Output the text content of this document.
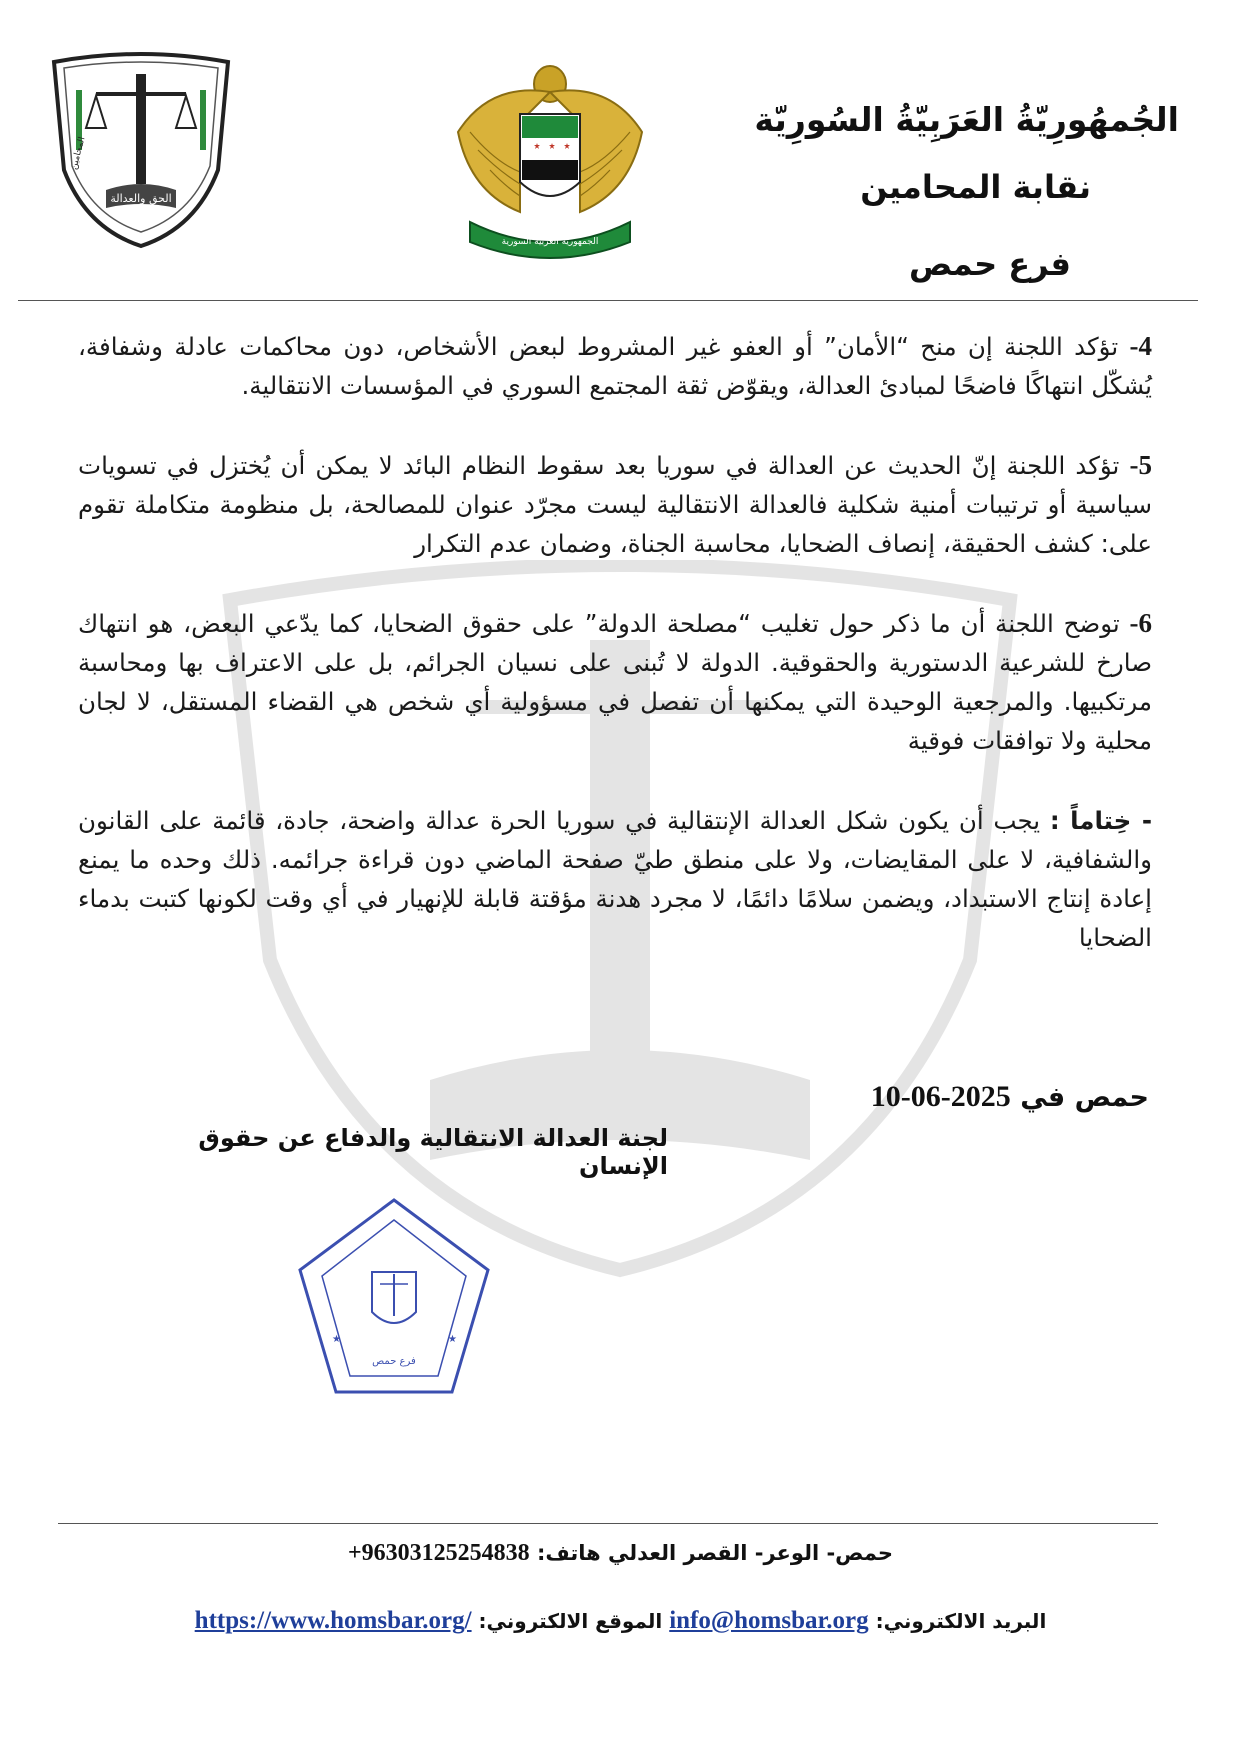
الحق والعدالة
المحامين
الجمهورية العربية السورية
الجُمهُورِيّةُ العَرَبِيّةُ السُورِيّة
نقابة المحامين
فرع حمص

4- تؤكد اللجنة إن منح “الأمان” أو العفو غير المشروط لبعض الأشخاص، دون محاكمات عادلة وشفافة، يُشكّل انتهاكًا فاضحًا لمبادئ العدالة، ويقوّض ثقة المجتمع السوري في المؤسسات الانتقالية.

5- تؤكد اللجنة إنّ الحديث عن العدالة في سوريا بعد سقوط النظام البائد لا يمكن أن يُختزل في تسويات سياسية أو ترتيبات أمنية شكلية فالعدالة الانتقالية ليست مجرّد عنوان للمصالحة، بل منظومة متكاملة تقوم على: كشف الحقيقة، إنصاف الضحايا، محاسبة الجناة، وضمان عدم التكرار

6- توضح اللجنة أن ما ذكر حول تغليب “مصلحة الدولة” على حقوق الضحايا، كما يدّعي البعض، هو انتهاك صارخ للشرعية الدستورية والحقوقية. الدولة لا تُبنى على نسيان الجرائم، بل على الاعتراف بها ومحاسبة مرتكبيها. والمرجعية الوحيدة التي يمكنها أن تفصل في مسؤولية أي شخص هي القضاء المستقل، لا لجان محلية ولا توافقات فوقية

- خِتاماً : يجب أن يكون شكل العدالة الإنتقالية في سوريا الحرة عدالة واضحة، جادة، قائمة على القانون والشفافية، لا على المقايضات، ولا على منطق طيّ صفحة الماضي دون قراءة جرائمه. ذلك وحده ما يمنع إعادة إنتاج الاستبداد، ويضمن سلامًا دائمًا، لا مجرد هدنة مؤقتة قابلة للإنهيار في أي وقت لكونها كتبت بدماء الضحايا

حمص في 2025-06-10
لجنة العدالة الانتقالية والدفاع عن حقوق الإنسان
★	★
فرع حمص
حمص- الوعر- القصر العدلي هاتف: +96303125254838
البريد الالكتروني: info@homsbar.org الموقع الالكتروني: https://www.homsbar.org/
